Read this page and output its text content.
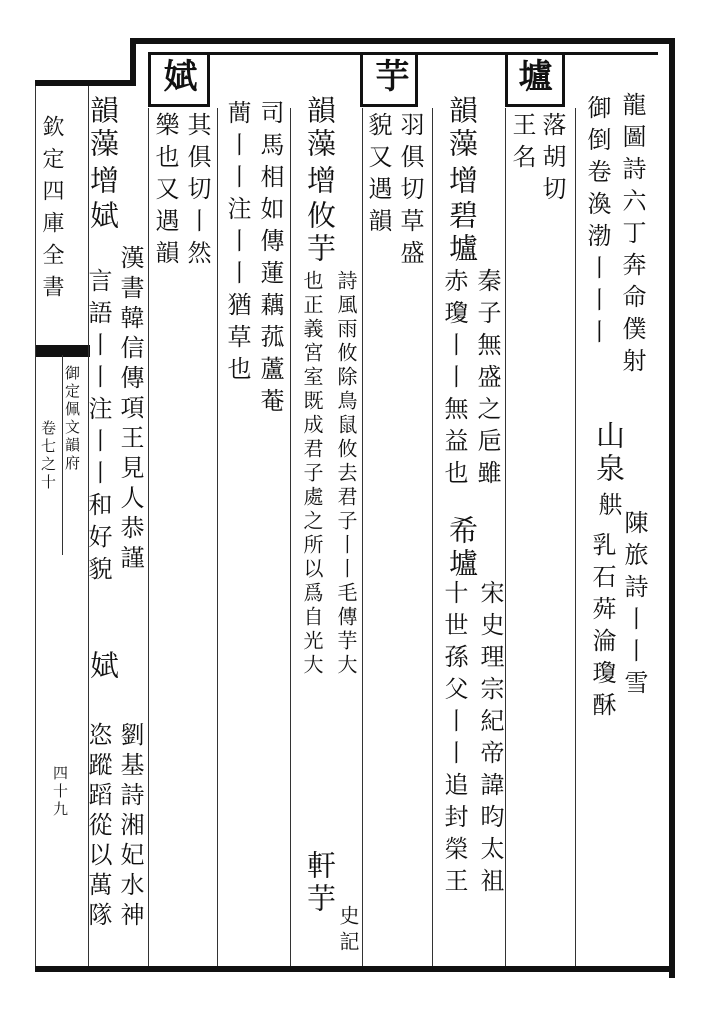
欽定四庫全書
御定佩文韻府
卷七之十
四十九
壚
芋
娬
龍圖詩六丁奔命僕射
御倒卷渙渤丨丨丨
山泉
舼
陳旅詩丨丨雪
乳石荈淪瓊酥
落胡切
王名
韻藻
增
碧壚
秦子無盛之巵雖
赤瓊丨丨無益也
希壚
宋史理宗紀帝諱昀太祖
十世孫父丨丨追封榮王
羽俱切草盛
貌又遇韻
韻藻
增
攸芋
詩風雨攸除鳥鼠攸去君子丨丨毛傳芋大
也正義宮室既成君子處之所以爲自光大
軒芋
史記
司馬相如傳蓮藕菰蘆菴
蕳丨丨注丨丨猶草也
其俱切丨然
樂也又遇韻
韻藻
增
娬
漢書韓信傳項王見人恭謹
言語丨丨注丨丨和好貌
娬
劉基詩湘妃水神
恣蹤蹈從以萬隊
